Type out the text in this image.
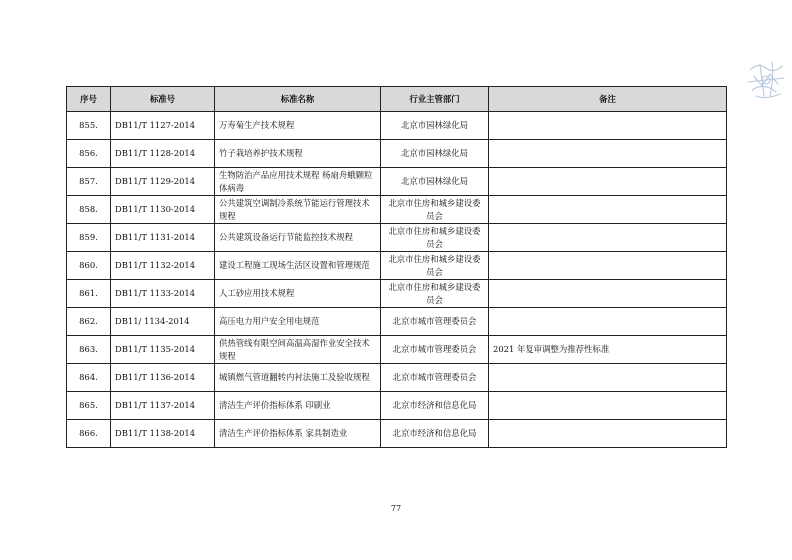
序号	标准号	标准名称	行业主管部门	备注
855.	DB11/T 1127-2014	万寿菊生产技术规程	北京市园林绿化局	
856.	DB11/T 1128-2014	竹子栽培养护技术规程	北京市园林绿化局	
857.	DB11/T 1129-2014	生物防治产品应用技术规程 杨扇舟蛾颗粒体病毒	北京市园林绿化局	
858.	DB11/T 1130-2014	公共建筑空调制冷系统节能运行管理技术规程	北京市住房和城乡建设委员会	
859.	DB11/T 1131-2014	公共建筑设备运行节能监控技术规程	北京市住房和城乡建设委员会	
860.	DB11/T 1132-2014	建设工程施工现场生活区设置和管理规范	北京市住房和城乡建设委员会	
861.	DB11/T 1133-2014	人工砂应用技术规程	北京市住房和城乡建设委员会	
862.	DB11/ 1134-2014	高压电力用户安全用电规范	北京市城市管理委员会	
863.	DB11/T 1135-2014	供热管线有限空间高温高湿作业安全技术规程	北京市城市管理委员会	2021 年复审调整为推荐性标准
864.	DB11/T 1136-2014	城镇燃气管道翻转内衬法施工及验收规程	北京市城市管理委员会	
865.	DB11/T 1137-2014	清洁生产评价指标体系 印刷业	北京市经济和信息化局	
866.	DB11/T 1138-2014	清洁生产评价指标体系 家具制造业	北京市经济和信息化局	
77
